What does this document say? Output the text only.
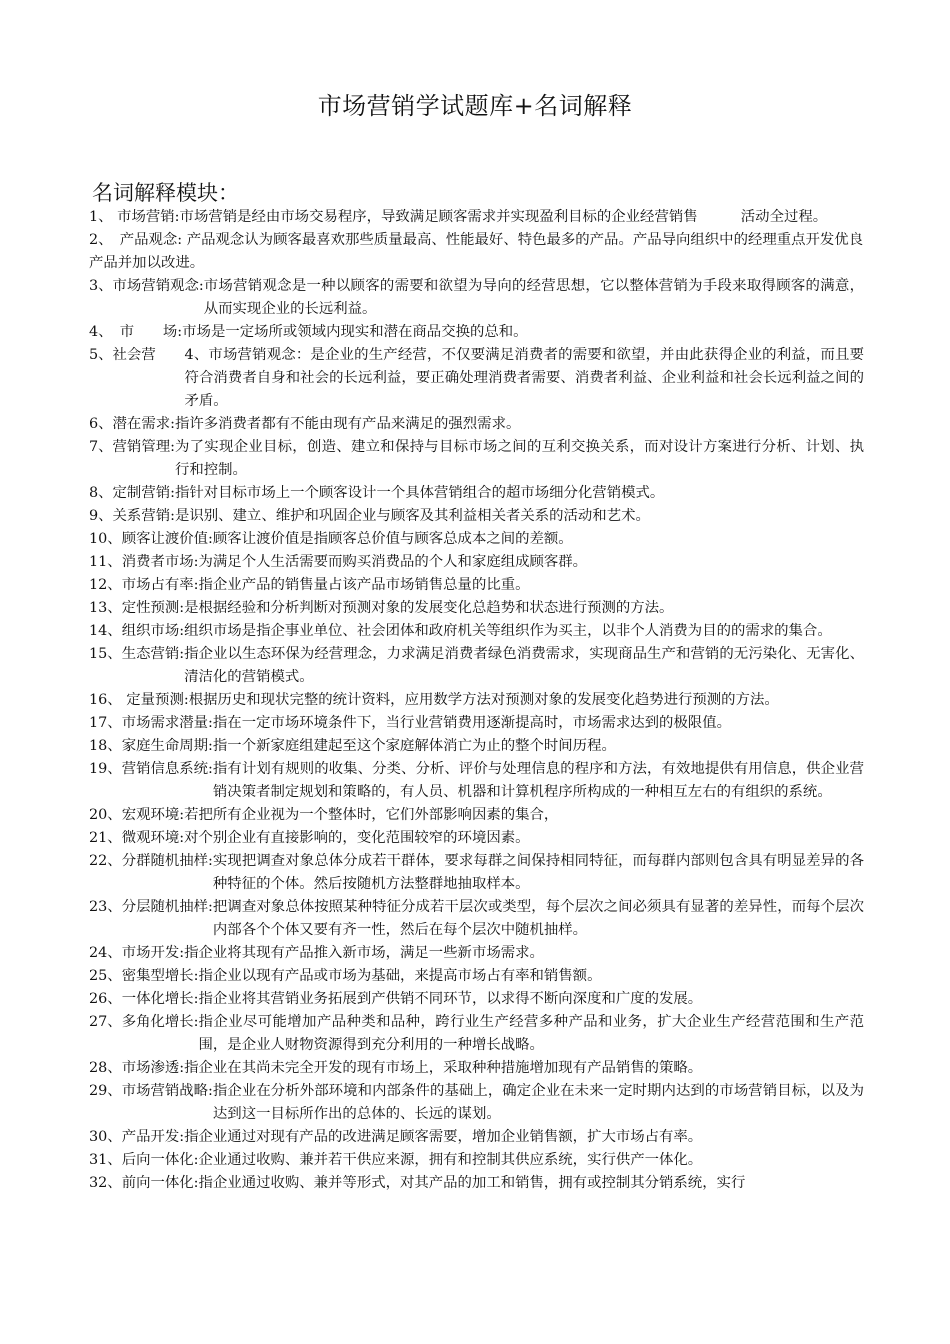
市场营销学试题库+名词解释
名词解释模块：
1、 市场营销:市场营销是经由市场交易程序，导致满足顾客需求并实现盈利目标的企业经营销售　　　活动全过程。
2、　产品观念: 产品观念认为顾客最喜欢那些质量最高、性能最好、特色最多的产品。产品导向组织中的经理重点开发优良产品并加以改进。
3、市场营销观念: 市场营销观念是一种以顾客的需要和欲望为导向的经营思想，它以整体营销为手段来取得顾客的满意，从而实现企业的长远利益。
4、　市　　场: 市场是一定场所或领域内现实和潜在商品交换的总和。
5、社会营　　 4、市场营销观念：是企业的生产经营，不仅要满足消费者的需要和欲望，并由此获得企业的利益，而且要符合消费者自身和社会的长远利益，要正确处理消费者需要、消费者利益、企业利益和社会长远利益之间的矛盾。
6、潜在需求: 指许多消费者都有不能由现有产品来满足的强烈需求。
7、营销管理: 为了实现企业目标，创造、建立和保持与目标市场之间的互利交换关系，而对设计方案进行分析、计划、执行和控制。
8、定制营销: 指针对目标市场上一个顾客设计一个具体营销组合的超市场细分化营销模式。
9、关系营销: 是识别、建立、维护和巩固企业与顾客及其利益相关者关系的活动和艺术。
10、顾客让渡价值: 顾客让渡价值是指顾客总价值与顾客总成本之间的差额。
11、消费者市场: 为满足个人生活需要而购买消费品的个人和家庭组成顾客群。
12、市场占有率: 指企业产品的销售量占该产品市场销售总量的比重。
13、定性预测: 是根据经验和分析判断对预测对象的发展变化总趋势和状态进行预测的方法。
14、组织市场: 组织市场是指企事业单位、社会团体和政府机关等组织作为买主，以非个人消费为目的的需求的集合。
15、生态营销: 指企业以生态环保为经营理念，力求满足消费者绿色消费需求，实现商品生产和营销的无污染化、无害化、清洁化的营销模式。
16、 定量预测: 根据历史和现状完整的统计资料，应用数学方法对预测对象的发展变化趋势进行预测的方法。
17、市场需求潜量: 指在一定市场环境条件下，当行业营销费用逐渐提高时，市场需求达到的极限值。
18、家庭生命周期: 指一个新家庭组建起至这个家庭解体消亡为止的整个时间历程。
19、营销信息系统: 指有计划有规则的收集、分类、分析、评价与处理信息的程序和方法，有效地提供有用信息，供企业营销决策者制定规划和策略的，有人员、机器和计算机程序所构成的一种相互左右的有组织的系统。
20、宏观环境: 若把所有企业视为一个整体时，它们外部影响因素的集合，
21、微观环境: 对个别企业有直接影响的，变化范围较窄的环境因素。
22、分群随机抽样: 实现把调查对象总体分成若干群体，要求每群之间保持相同特征，而每群内部则包含具有明显差异的各种特征的个体。然后按随机方法整群地抽取样本。
23、分层随机抽样: 把调查对象总体按照某种特征分成若干层次或类型，每个层次之间必须具有显著的差异性，而每个层次内部各个个体又要有齐一性，然后在每个层次中随机抽样。
24、市场开发: 指企业将其现有产品推入新市场，满足一些新市场需求。
25、密集型增长: 指企业以现有产品或市场为基础，来提高市场占有率和销售额。
26、一体化增长: 指企业将其营销业务拓展到产供销不同环节，以求得不断向深度和广度的发展。
27、多角化增长: 指企业尽可能增加产品种类和品种，跨行业生产经营多种产品和业务，扩大企业生产经营范围和生产范围，是企业人财物资源得到充分利用的一种增长战略。
28、市场渗透: 指企业在其尚未完全开发的现有市场上，采取种种措施增加现有产品销售的策略。
29、市场营销战略: 指企业在分析外部环境和内部条件的基础上，确定企业在未来一定时期内达到的市场营销目标，以及为达到这一目标所作出的总体的、长远的谋划。
30、产品开发: 指企业通过对现有产品的改进满足顾客需要，增加企业销售额，扩大市场占有率。
31、后向一体化: 企业通过收购、兼并若干供应来源，拥有和控制其供应系统，实行供产一体化。
32、前向一体化: 指企业通过收购、兼并等形式，对其产品的加工和销售，拥有或控制其分销系统，实行
